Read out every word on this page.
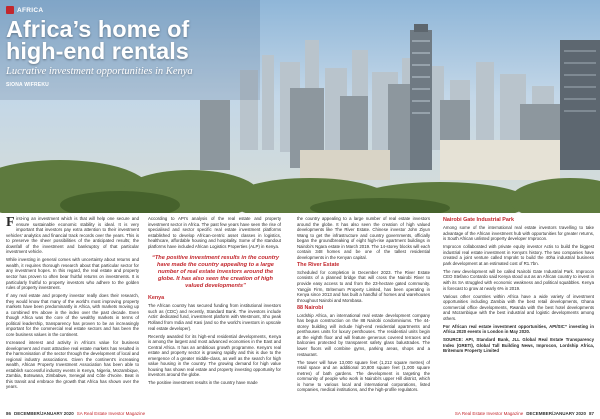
AFRICA
Africa’s home of
high-end rentals

Lucrative investment opportunities in Kenya

SIONA WIFREKU

First-ing an investment which is that will help one secure and ensure sustainable economic stability is ideal. It is very important that investors pay extra attention to their investment vehicles’ analytics and financial track records over the years. This is to preserve the sheer possibilities of the anticipated results; the downfall of the investment and bankruptcy of that particular investment vehicle.

While investing in general comes with uncertainty about returns and wealth, it requires thorough research about that particular sector for any investment hopes. In this regard, the real estate and property sector has proven to often bear fruitful returns on investments. It is particularly fruitful to property investors who adhere to the golden rules of property investment.

If any real estate and property investor really does their research, they would know that many of the world’s most improving property markets have been predominantly in Africa, with markets moving up a combined 6% above in the index over the past decade. Even though Africa was the core of the wealthy markets in terms of political leadership, transparency has proven to be an increasingly important for the commercial real estate sectors and has been the core business values in the continent.

Increased interest and activity in Africa’s value for business development and most attractive real estate markets has resulted in the harmonisation of the sector through the development of local and regional industry associations. Given the continent’s increasing wealth, African Property Investment Association has been able to establish successful industry events in Kenya, Nigeria, Mozambique, Zambia, Botswana, Zimbabwe, Senegal and Côte d’Ivoire. Beat in this transit and embrace the growth that Africa has shown over the years.

According to API’s analysis of the real estate and property investment sector in Africa. The past few years have seen the rise of specialised and sector specific real estate investment platforms established to develop African-centric asset classes in logistics, healthcare, affordable housing and hospitality. Some of the standout platforms have included African Logistics Properties (ALP) in Kenya.

“The positive investment results in the country have made the country appealing to a large number of real estate investors around the globe. It has also seen the creation of high valued developments”
Kenya

The African country has secured funding from institutional investors such as (CDC) and recently, Standard Bank. The investors include Actis’ dedicated fund, investment platform with Westmont, Sho peak Rolland from India and Kasi (and so the world’s investors in upscale real estate developer).

Recently awarded for its high-end residential developments, Kenya is among the largest and most advanced economies in the East and Central Africa. It has an ambitious growth programme. Kenya’s real estate and property sector is growing rapidly and this is due to the emergence of a greater middle-class, as well as the search for high value housing in the country. The growing demand for high value housing has shown real estate and property investing opportunity for investors around the globe.

The positive investment results in the country have made

the country appealing to a large number of real estate investors around the globe. It has also seen the creation of high valued developments like The River Estate. Chinese investor John Ziyun Wang to get the infrastructure and country governments, officially began the groundbreaking of eight high-rise apartment buildings in Nairobi’s Ngara estate in March 2019. The 14-storey blocks will each contain 348 homes and be one of the tallest residential developments in the Kenyan capital.

The River Estate

Scheduled for completion in December 2023. The River Estate consists of a planned bridge that will cross the Nairobi River to provide easy access to and from the 23-hectare gated community. Yangjin Firm, Britemum Property Limited, has been operating in Kenya since 2013 and has built a handful of homes and warehouses throughout Nairobi and Mombasa.

88 Nairobi

Lordship Africa, an international real estate development company has begun construction on the 88 Nairobi condominiums. The 44-storey building will include high-end residential apartments and penthouses units for luxury penthouses. The residential units begin at the eighth floor and will feature generous covered terraces and balconies protected by transparent safety glass balustrades. The lower floors will combine gyms, parking areas, shops and a restaurant.

The tower will have 13,000 square feet (1,212 square metres) of retail space and an additional 10,800 square feet (1,000 square metres) of bath gardens. The development is targeting the community of people who work in Nairobi’s upper Hill district, which is home to various local and international corporations, listed companies, medical institutions, and the high-profile regulators.

Nairobi Gate Industrial Park

Among some of the international real estate investors travelling to take advantage of the African investment hub with opportunities for greater returns, is South African unlisted property developer Improcon.

Improcon collaborated with private equity investor Actis to build the biggest industrial real estate investment in Kenya’s history. The two companies have created a joint venture called Improkt to build the 40ha industrial business park development at an estimated cost of R1.7bn.

The new development will be called Nairobi Gate Industrial Park. Improcon CEO Stefano Contardo said Kenya stood out as an African country to invest in with its SA struggled with economic weakness and political squabbles. Kenya is forecast to grow at nearly 6% in 2019.

Various other countries within Africa have a wide variety of investment opportunities including Zambia with the best retail developments, Ghana commercial office developments, Rwanda with the best hotel developments and Mozambique with the best industrial and logistic developments among others.

For African real estate investment opportunities, API/SIC” investing in Africa 2020 events in London in May 2020.

SOURCE: API, Standard Bank, JLL Global Real Estate Transparency Index (GRETI), Global Tall Building News, Improcon, Lordship Africa, Britemum Property Limited

86 DECEMBER/JANUARY 2020 SA Real Estate Investor Magazine	SA Real Estate Investor Magazine DECEMBER/JANUARY 2020 87
